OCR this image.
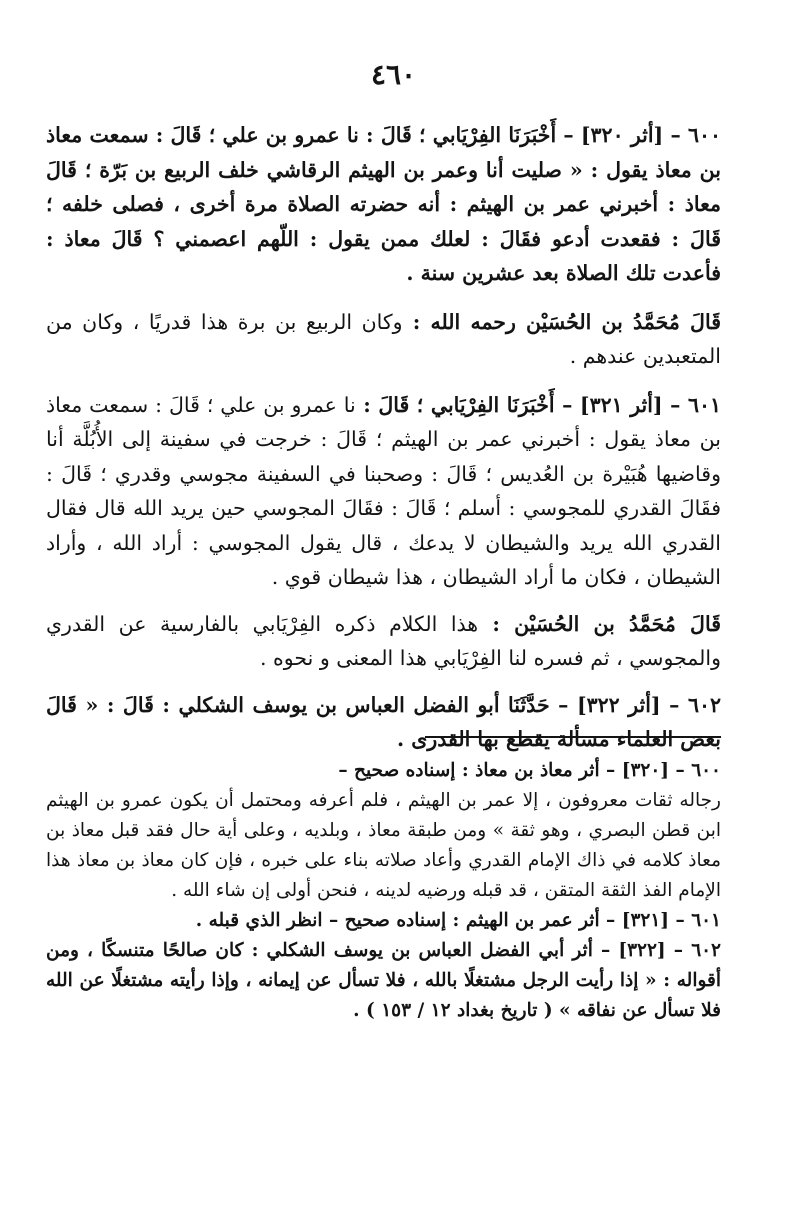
٤٦٠

٦٠٠ – [أثر ٣٢٠] – أَخْبَرَنَا الفِرْيَابي ؛ قَالَ : نا عمرو بن علي ؛ قَالَ : سمعت معاذ بن معاذ يقول : « صليت أنا وعمر بن الهيثم الرقاشي خلف الربيع بن بَرّة ؛ قَالَ معاذ : أخبرني عمر بن الهيثم : أنه حضرته الصلاة مرة أخرى ، فصلى خلفه ؛ قَالَ : فقعدت أدعو فقَالَ : لعلك ممن يقول : اللّهم اعصمني ؟ قَالَ معاذ : فأعدت تلك الصلاة بعد عشرين سنة .

قَالَ مُحَمَّدُ بن الحُسَيْن رحمه الله : وكان الربيع بن برة هذا قدريًا ، وكان من المتعبدين عندهم .

٦٠١ – [أثر ٣٢١] – أَخْبَرَنَا الفِرْيَابي ؛ قَالَ : نا عمرو بن علي ؛ قَالَ : سمعت معاذ بن معاذ يقول : أخبرني عمر بن الهيثم ؛ قَالَ : خرجت في سفينة إلى الأُبُلَّة أنا وقاضيها هُبَيْرة بن العُديس ؛ قَالَ : وصحبنا في السفينة مجوسي وقدري ؛ قَالَ : فقَالَ القدري للمجوسي : أسلم ؛ قَالَ : فقَالَ المجوسي حين يريد الله قال فقال القدري الله يريد والشيطان لا يدعك ، قال يقول المجوسي : أراد الله ، وأراد الشيطان ، فكان ما أراد الشيطان ، هذا شيطان قوي .

قَالَ مُحَمَّدُ بن الحُسَيْن : هذا الكلام ذكره الفِرْيَابي بالفارسية عن القدري والمجوسي ، ثم فسره لنا الفِرْيَابي هذا المعنى و نحوه .

٦٠٢ – [أثر ٣٢٢] – حَدَّثَنَا أبو الفضل العباس بن يوسف الشكلي : قَالَ : « قَالَ بعض العلماء مسألة يقطع بها القدرى .

٦٠٠ – [٣٢٠] – أثر معاذ بن معاذ : إسناده صحيح –

رجاله ثقات معروفون ، إلا عمر بن الهيثم ، فلم أعرفه ومحتمل أن يكون عمرو بن الهيثم ابن قطن البصري ، وهو ثقة » ومن طبقة معاذ ، وبلديه ، وعلى أية حال فقد قبل معاذ بن معاذ كلامه في ذاك الإمام القدري وأعاد صلاته بناء على خبره ، فإن كان معاذ بن معاذ هذا الإمام الفذ الثقة المتقن ، قد قبله ورضيه لدينه ، فنحن أولى إن شاء الله .

٦٠١ – [٣٢١] – أثر عمر بن الهيثم : إسناده صحيح – انظر الذي قبله .

٦٠٢ – [٣٢٢] – أثر أبي الفضل العباس بن يوسف الشكلي : كان صالحًا متنسكًا ، ومن أقواله : « إذا رأيت الرجل مشتغلًا بالله ، فلا تسأل عن إيمانه ، وإذا رأيته مشتغلًا عن الله فلا تسأل عن نفاقه » ( تاريخ بغداد ١٢ / ١٥٣ ) .
